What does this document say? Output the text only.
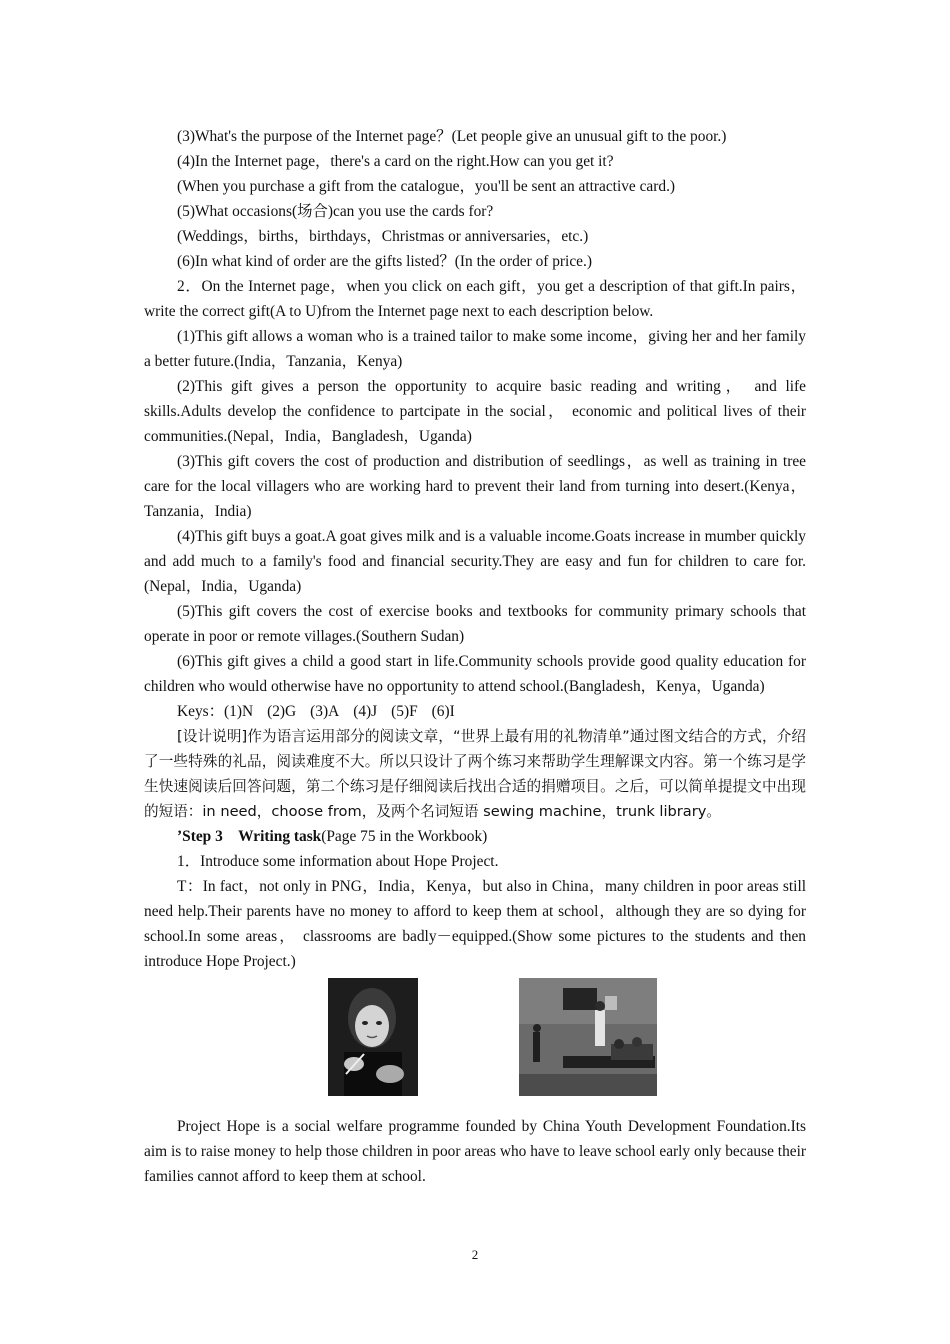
(3)What's the purpose of the Internet page？(Let people give an unusual gift to the poor.)

(4)In the Internet page，there's a card on the right.How can you get it?

(When you purchase a gift from the catalogue，you'll be sent an attractive card.)

(5)What occasions(场合)can you use the cards for?

(Weddings，births，birthdays，Christmas or anniversaries，etc.)

(6)In what kind of order are the gifts listed？(In the order of price.)

2．On the Internet page，when you click on each gift，you get a description of that gift.In pairs，write the correct gift(A to U)from the Internet page next to each description below.

(1)This gift allows a woman who is a trained tailor to make some income，giving her and her family a better future.(India，Tanzania，Kenya)

(2)This gift gives a person the opportunity to acquire basic reading and writing， and life skills.Adults develop the confidence to partcipate in the social， economic and political lives of their communities.(Nepal，India，Bangladesh，Uganda)

(3)This gift covers the cost of production and distribution of seedlings，as well as training in tree care for the local villagers who are working hard to prevent their land from turning into desert.(Kenya，Tanzania，India)

(4)This gift buys a goat.A goat gives milk and is a valuable income.Goats increase in mumber quickly and add much to a family's food and financial security.They are easy and fun for children to care for.(Nepal，India，Uganda)

(5)This gift covers the cost of exercise books and textbooks for community primary schools that operate in poor or remote villages.(Southern Sudan)

(6)This gift gives a child a good start in life.Community schools provide good quality education for children who would otherwise have no opportunity to attend school.(Bangladesh，Kenya，Uganda)

Keys：(1)N (2)G (3)A (4)J (5)F (6)I

[设计说明]作为语言运用部分的阅读文章，“世界上最有用的礼物清单”通过图文结合的方式，介绍了一些特殊的礼品，阅读难度不大。所以只设计了两个练习来帮助学生理解课文内容。第一个练习是学生快速阅读后回答问题，第二个练习是仔细阅读后找出合适的捐赠项目。之后，可以简单提提文中出现的短语：in need，choose from，及两个名词短语 sewing machine，trunk library。

ʼStep 3　Writing task(Page 75 in the Workbook)

1．Introduce some information about Hope Project.

T：In fact，not only in PNG，India，Kenya，but also in China，many children in poor areas still need help.Their parents have no money to afford to keep them at school，although they are so dying for school.In some areas， classrooms are badly－equipped.(Show some pictures to the students and then introduce Hope Project.)

Project Hope is a social welfare programme founded by China Youth Development Foundation.Its aim is to raise money to help those children in poor areas who have to leave school early only because their families cannot afford to keep them at school.

2
